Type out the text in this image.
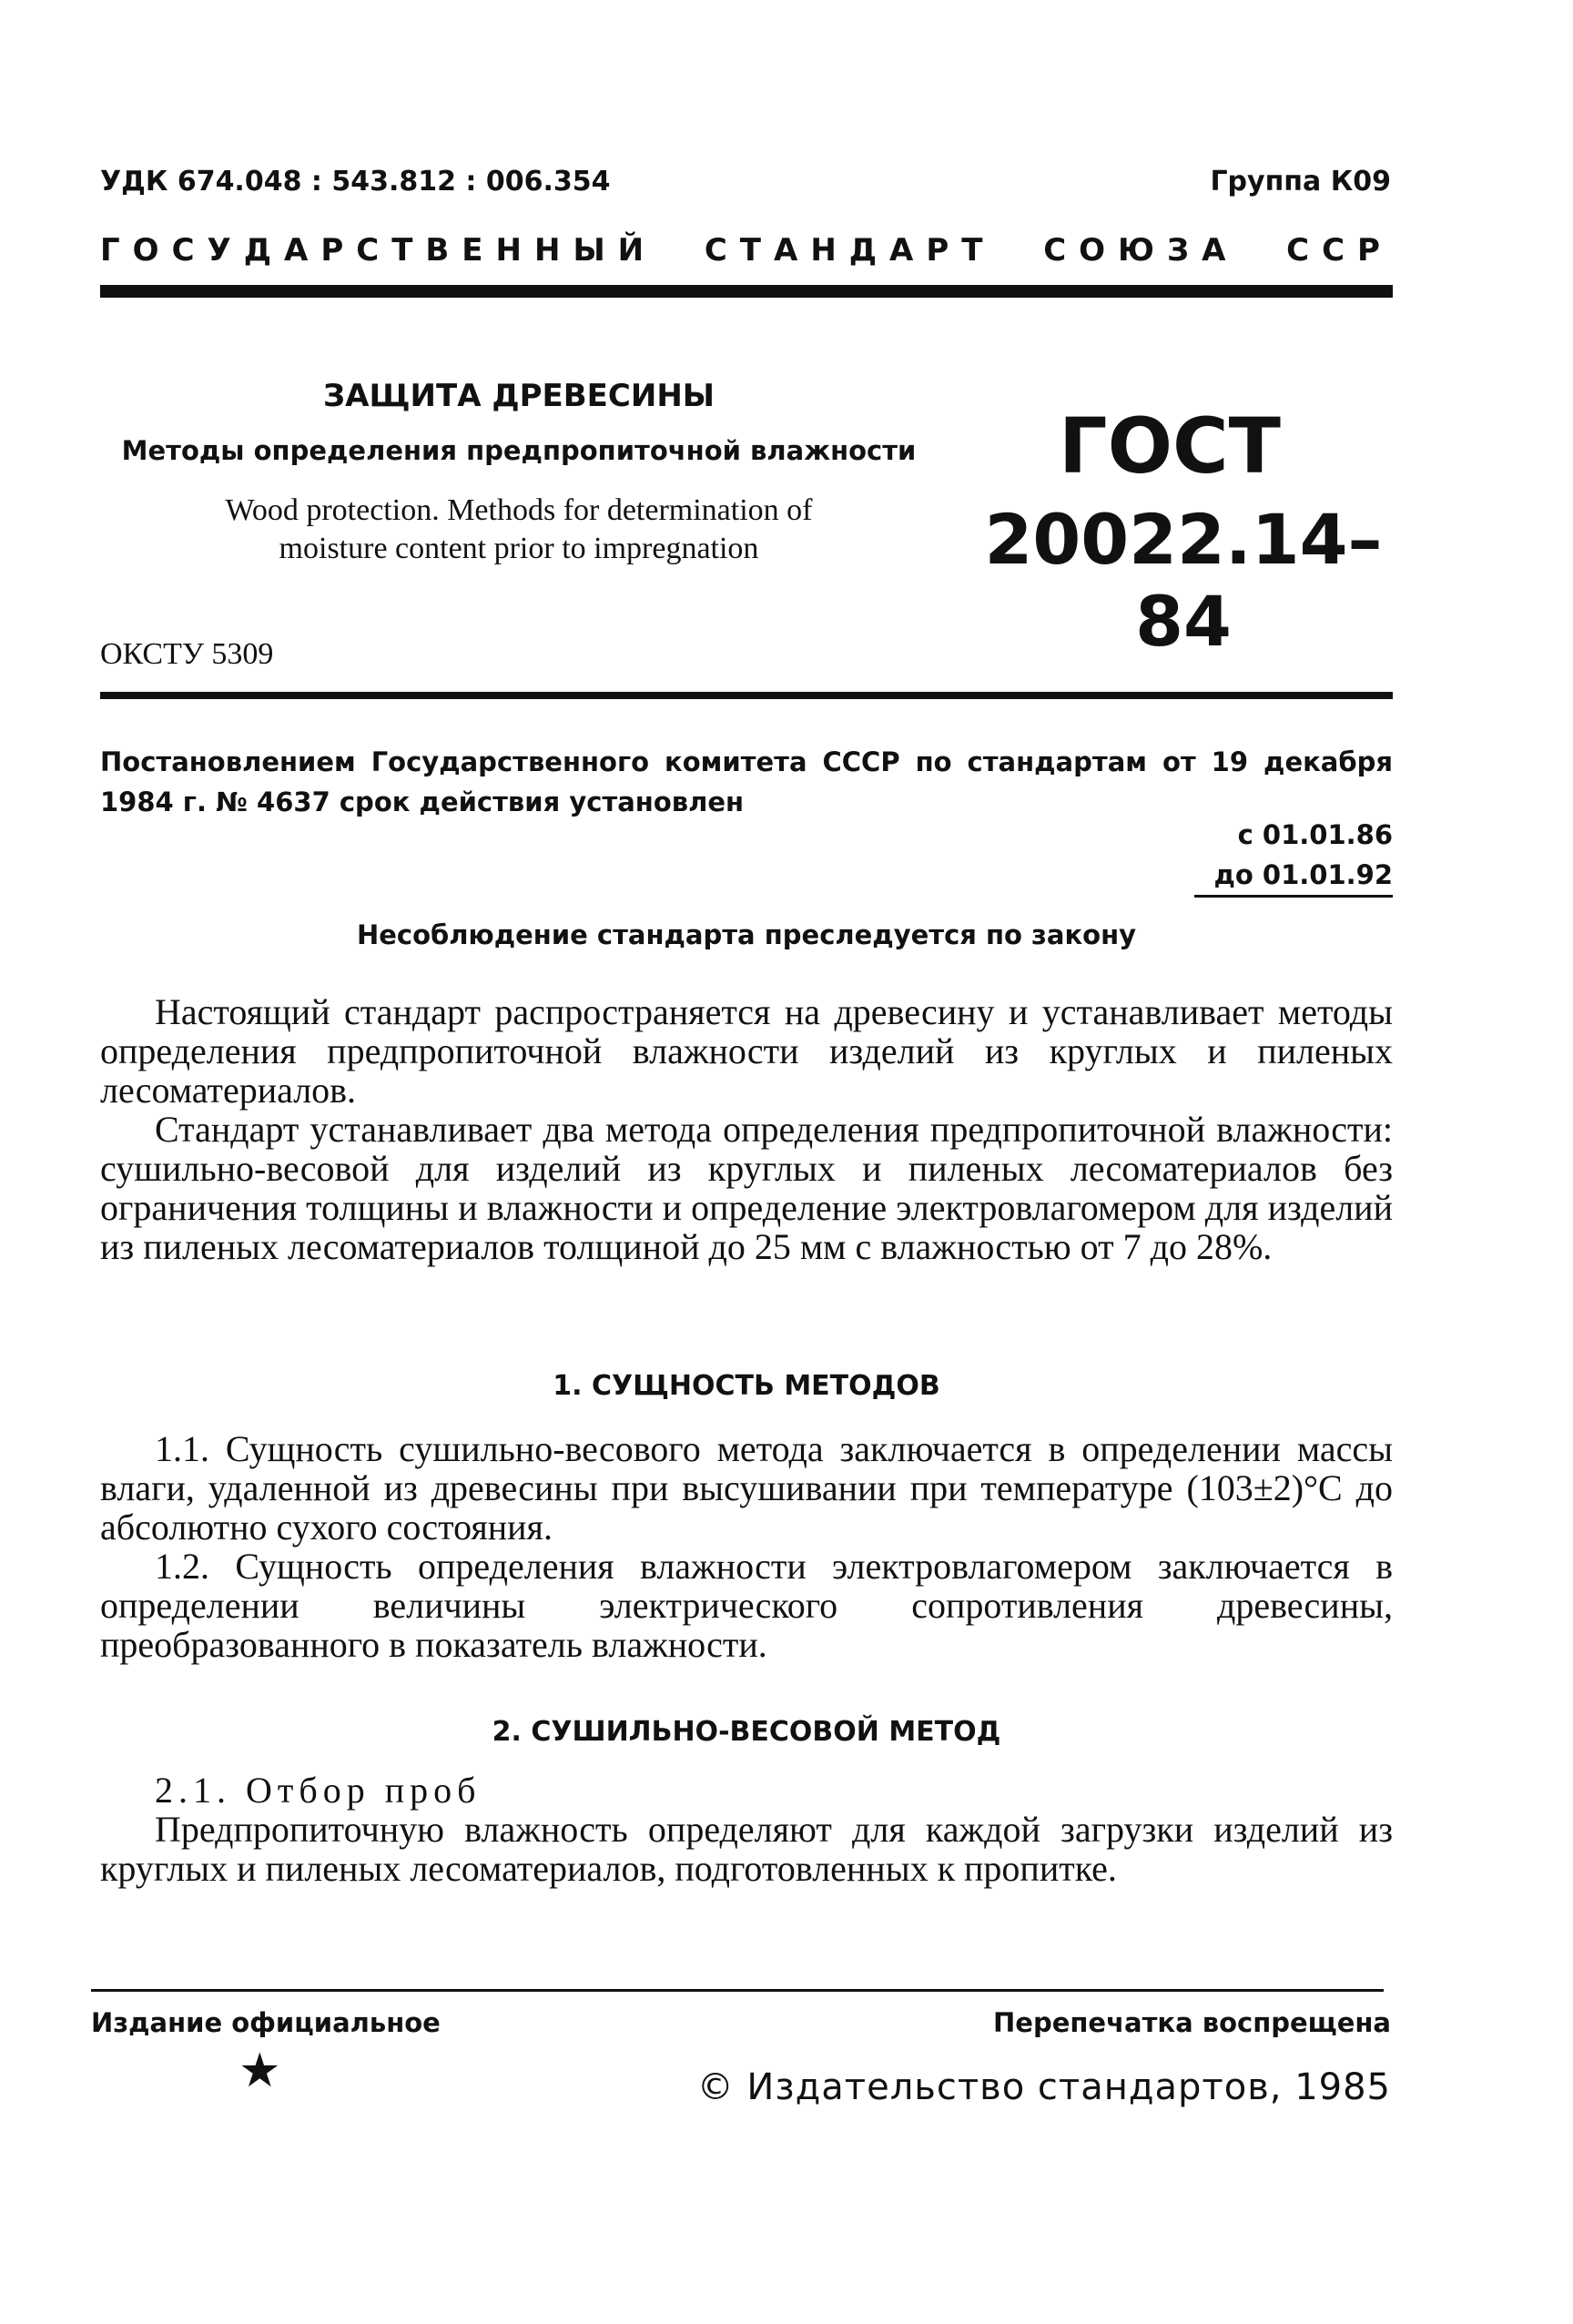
УДК 674.048 : 543.812 : 006.354	Группа К09
ГОСУДАРСТВЕННЫЙ СТАНДАРТ СОЮЗА ССР
ЗАЩИТА ДРЕВЕСИНЫ
Методы определения предпропиточной влажности
Wood protection. Methods for determination of
moisture content prior to impregnation
ГОСТ
20022.14–84
ОКСТУ 5309
Постановлением Государственного комитета СССР по стандартам от 19 декабря 1984 г. № 4637 срок действия установлен
с 01.01.86
до 01.01.92
Несоблюдение стандарта преследуется по закону

Настоящий стандарт распространяется на древесину и устанавливает методы определения предпропиточной влажности изделий из круглых и пиленых лесоматериалов.

Стандарт устанавливает два метода определения предпропиточной влажности: сушильно-весовой для изделий из круглых и пиленых лесоматериалов без ограничения толщины и влажности и определение электровлагомером для изделий из пиленых лесоматериалов толщиной до 25 мм с влажностью от 7 до 28%.

1. СУЩНОСТЬ МЕТОДОВ

1.1. Сущность сушильно-весового метода заключается в определении массы влаги, удаленной из древесины при высушивании при температуре (103±2)°С до абсолютно сухого состояния.

1.2. Сущность определения влажности электровлагомером заключается в определении величины электрического сопротивления древесины, преобразованного в показатель влажности.

2. СУШИЛЬНО-ВЕСОВОЙ МЕТОД

2.1. Отбор проб

Предпропиточную влажность определяют для каждой загрузки изделий из круглых и пиленых лесоматериалов, подготовленных к пропитке.

Издание официальное	Перепечатка воспрещена
★	© Издательство стандартов, 1985
